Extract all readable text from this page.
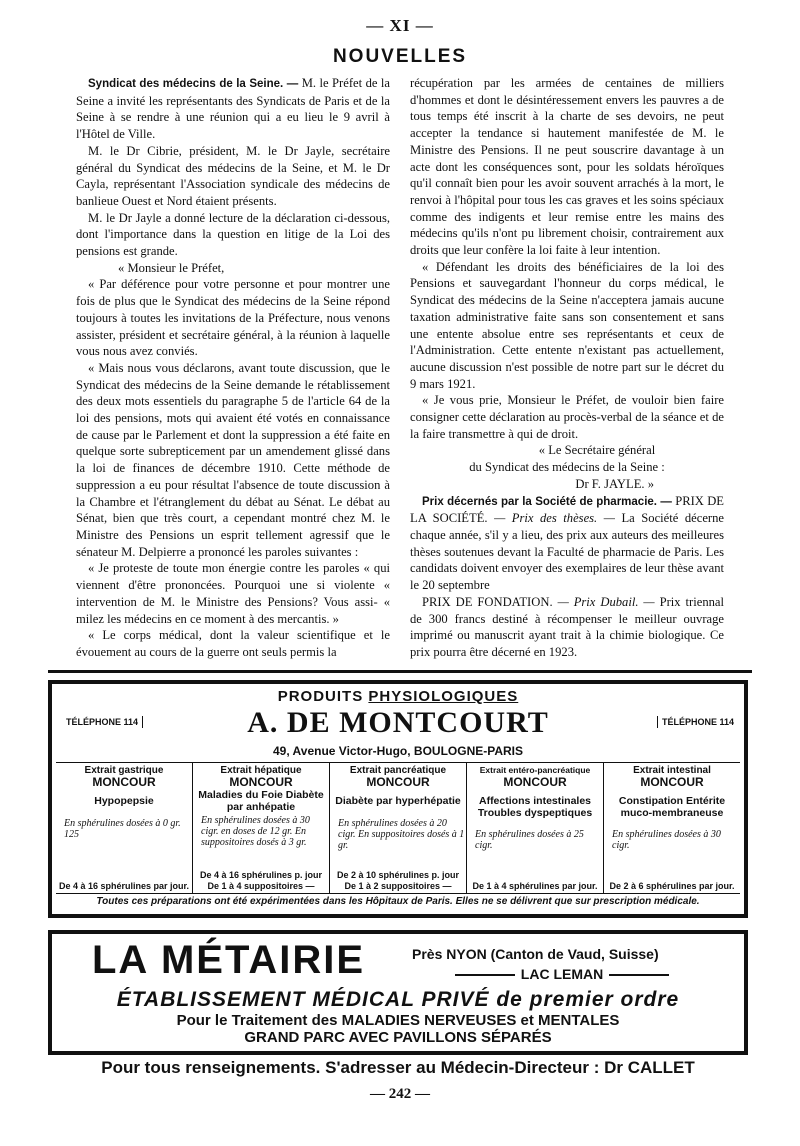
— XI —
NOUVELLES

Syndicat des médecins de la Seine. — M. le Préfet de la Seine a invité les représentants des Syndicats de Paris et de la Seine à se rendre à une réunion qui a eu lieu le 9 avril à l'Hôtel de Ville.

M. le Dr Cibrie, président, M. le Dr Jayle, secrétaire général du Syndicat des médecins de la Seine, et M. le Dr Cayla, représentant l'Association syndicale des médecins de banlieue Ouest et Nord étaient présents.

M. le Dr Jayle a donné lecture de la déclaration ci-dessous, dont l'importance dans la question en litige de la Loi des pensions est grande.

« Monsieur le Préfet,

« Par déférence pour votre personne et pour montrer une fois de plus que le Syndicat des médecins de la Seine répond toujours à toutes les invitations de la Préfecture, nous venons assister, président et secrétaire général, à la réunion à laquelle vous nous avez conviés.

« Mais nous vous déclarons, avant toute discussion, que le Syndicat des médecins de la Seine demande le rétablissement des deux mots essentiels du paragraphe 5 de l'article 64 de la loi des pensions, mots qui avaient été votés en connaissance de cause par le Parlement et dont la suppression a été faite en quelque sorte subrepticement par un amendement glissé dans la loi de finances de décembre 1910. Cette méthode de suppression a eu pour résultat l'absence de toute discussion à la Chambre et l'étranglement du débat au Sénat. Le débat au Sénat, bien que très court, a cependant montré chez M. le Ministre des Pensions un esprit tellement agressif que le sénateur M. Delpierre a prononcé les paroles suivantes :

« Je proteste de toute mon énergie contre les paroles « qui viennent d'être prononcées. Pourquoi une si violente « intervention de M. le Ministre des Pensions? Vous assi- « milez les médecins en ce moment à des mercantis. »

« Le corps médical, dont la valeur scientifique et le évouement au cours de la guerre ont seuls permis la

récupération par les armées de centaines de milliers d'hommes et dont le désintéressement envers les pauvres a de tous temps été inscrit à la charte de ses devoirs, ne peut accepter la tendance si hautement manifestée de M. le Ministre des Pensions. Il ne peut souscrire davantage à un acte dont les conséquences sont, pour les soldats héroïques qu'il connaît bien pour les avoir souvent arrachés à la mort, le renvoi à l'hôpital pour tous les cas graves et les soins spéciaux comme des indigents et leur remise entre les mains des médecins qu'ils n'ont pu librement choisir, contrairement aux droits que leur confère la loi faite à leur intention.

« Défendant les droits des bénéficiaires de la loi des Pensions et sauvegardant l'honneur du corps médical, le Syndicat des médecins de la Seine n'acceptera jamais aucune taxation administrative faite sans son consentement et sans une entente absolue entre ses représentants et ceux de l'Administration. Cette entente n'existant pas actuellement, aucune discussion n'est possible de notre part sur le décret du 9 mars 1921.

« Je vous prie, Monsieur le Préfet, de vouloir bien faire consigner cette déclaration au procès-verbal de la séance et de la faire transmettre à qui de droit.

« Le Secrétaire général

du Syndicat des médecins de la Seine :

Dr F. JAYLE. »

Prix décernés par la Société de pharmacie. — PRIX DE LA SOCIÉTÉ. — Prix des thèses. — La Société décerne chaque année, s'il y a lieu, des prix aux auteurs des meilleures thèses soutenues devant la Faculté de pharmacie de Paris. Les candidats doivent envoyer des exemplaires de leur thèse avant le 20 septembre

PRIX DE FONDATION. — Prix Dubail. — Prix triennal de 300 francs destiné à récompenser le meilleur ouvrage imprimé ou manuscrit ayant trait à la chimie biologique. Ce prix pourra être décerné en 1923.

PRODUITS PHYSIOLOGIQUES
TÉLÉPHONE 114	TÉLÉPHONE 114
A. DE MONTCOURT
49, Avenue Victor-Hugo, BOULOGNE-PARIS
Extrait gastrique
MONCOUR
Hypopepsie
En sphérulines dosées à 0 gr. 125
De 4 à 16 sphérulines par jour.
Extrait hépatique
MONCOUR
Maladies du Foie Diabète par anhépatie
En sphérulines dosées à 30 cigr. en doses de 12 gr. En suppositoires dosés à 3 gr.
De 4 à 16 sphérulines p. jour De 1 à 4 suppositoires —
Extrait pancréatique
MONCOUR
Diabète par hyperhépatie
En sphérulines dosées à 20 cigr. En suppositoires dosés à 1 gr.
De 2 à 10 sphérulines p. jour De 1 à 2 suppositoires —
Extrait entéro-pancréatique
MONCOUR
Affections intestinales Troubles dyspeptiques
En sphérulines dosées à 25 cigr.
De 1 à 4 sphérulines par jour.
Extrait intestinal
MONCOUR
Constipation Entérite muco-membraneuse
En sphérulines dosées à 30 cigr.
De 2 à 6 sphérulines par jour.
Toutes ces préparations ont été expérimentées dans les Hôpitaux de Paris. Elles ne se délivrent que sur prescription médicale.
LA MÉTAIRIE	Près NYON (Canton de Vaud, Suisse)
LAC LEMAN
ÉTABLISSEMENT MÉDICAL PRIVÉ de premier ordre
Pour le Traitement des MALADIES NERVEUSES et MENTALES
GRAND PARC AVEC PAVILLONS SÉPARÉS
Pour tous renseignements. S'adresser au Médecin-Directeur : Dr CALLET
— 242 —
